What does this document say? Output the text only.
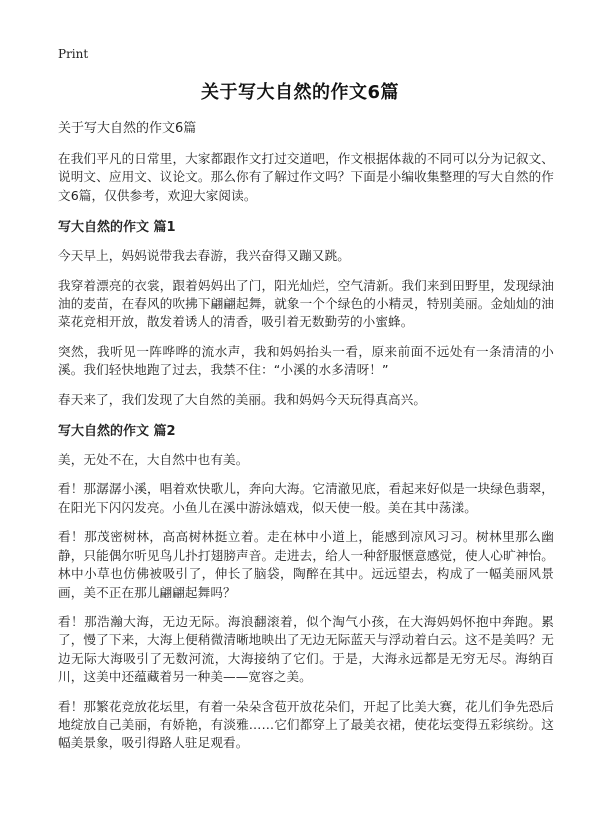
Print
关于写大自然的作文6篇
关于写大自然的作文6篇

在我们平凡的日常里，大家都跟作文打过交道吧，作文根据体裁的不同可以分为记叙文、说明文、应用文、议论文。那么你有了解过作文吗？下面是小编收集整理的写大自然的作文6篇，仅供参考，欢迎大家阅读。

写大自然的作文 篇1

今天早上，妈妈说带我去春游，我兴奋得又蹦又跳。

我穿着漂亮的衣裳，跟着妈妈出了门，阳光灿烂，空气清新。我们来到田野里，发现绿油油的麦苗，在春风的吹拂下翩翩起舞，就象一个个绿色的小精灵，特别美丽。金灿灿的油菜花竞相开放，散发着诱人的清香，吸引着无数勤劳的小蜜蜂。

突然，我听见一阵哗哗的流水声，我和妈妈抬头一看，原来前面不远处有一条清清的小溪。我们轻快地跑了过去，我禁不住：“小溪的水多清呀！”

春天来了，我们发现了大自然的美丽。我和妈妈今天玩得真高兴。

写大自然的作文 篇2

美，无处不在，大自然中也有美。

看！那潺潺小溪，唱着欢快歌儿，奔向大海。它清澈见底，看起来好似是一块绿色翡翠，在阳光下闪闪发亮。小鱼儿在溪中游泳嬉戏，似天使一般。美在其中荡漾。

看！那茂密树林，高高树林挺立着。走在林中小道上，能感到凉风习习。树林里那么幽静，只能偶尔听见鸟儿扑打翅膀声音。走进去，给人一种舒服惬意感觉，使人心旷神怡。林中小草也仿佛被吸引了，伸长了脑袋，陶醉在其中。远远望去，构成了一幅美丽风景画，美不正在那儿翩翩起舞吗？

看！那浩瀚大海，无边无际。海浪翻滚着，似个淘气小孩，在大海妈妈怀抱中奔跑。累了，慢了下来，大海上便稍微清晰地映出了无边无际蓝天与浮动着白云。这不是美吗？无边无际大海吸引了无数河流，大海接纳了它们。于是，大海永远都是无穷无尽。海纳百川，这美中还蕴藏着另一种美——宽容之美。

看！那繁花竞放花坛里，有着一朵朵含苞开放花朵们，开起了比美大赛，花儿们争先恐后地绽放自己美丽，有娇艳，有淡雅……它们都穿上了最美衣裙，使花坛变得五彩缤纷。这幅美景象，吸引得路人驻足观看。
